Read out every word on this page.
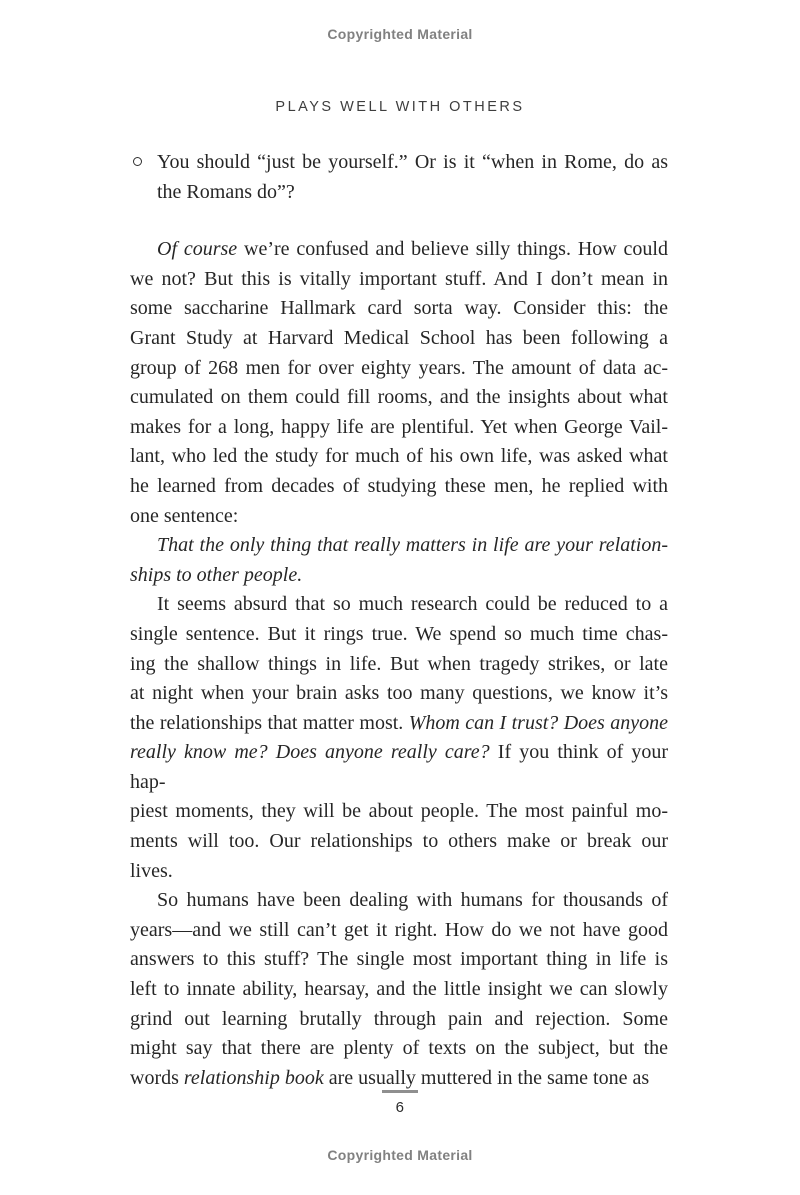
Copyrighted Material
PLAYS WELL WITH OTHERS
You should “just be yourself.” Or is it “when in Rome, do as
the Romans do”?
Of course we’re confused and believe silly things. How could
we not? But this is vitally important stuff. And I don’t mean in
some saccharine Hallmark card sorta way. Consider this: the
Grant Study at Harvard Medical School has been following a
group of 268 men for over eighty years. The amount of data ac-
cumulated on them could fill rooms, and the insights about what
makes for a long, happy life are plentiful. Yet when George Vail-
lant, who led the study for much of his own life, was asked what
he learned from decades of studying these men, he replied with
one sentence:
That the only thing that really matters in life are your relation-
ships to other people.
It seems absurd that so much research could be reduced to a
single sentence. But it rings true. We spend so much time chas-
ing the shallow things in life. But when tragedy strikes, or late
at night when your brain asks too many questions, we know it’s
the relationships that matter most. Whom can I trust? Does anyone
really know me? Does anyone really care? If you think of your hap-
piest moments, they will be about people. The most painful mo-
ments will too. Our relationships to others make or break our
lives.
So humans have been dealing with humans for thousands of
years—and we still can’t get it right. How do we not have good
answers to this stuff? The single most important thing in life is
left to innate ability, hearsay, and the little insight we can slowly
grind out learning brutally through pain and rejection. Some
might say that there are plenty of texts on the subject, but the
words relationship book are usually muttered in the same tone as
6
Copyrighted Material
